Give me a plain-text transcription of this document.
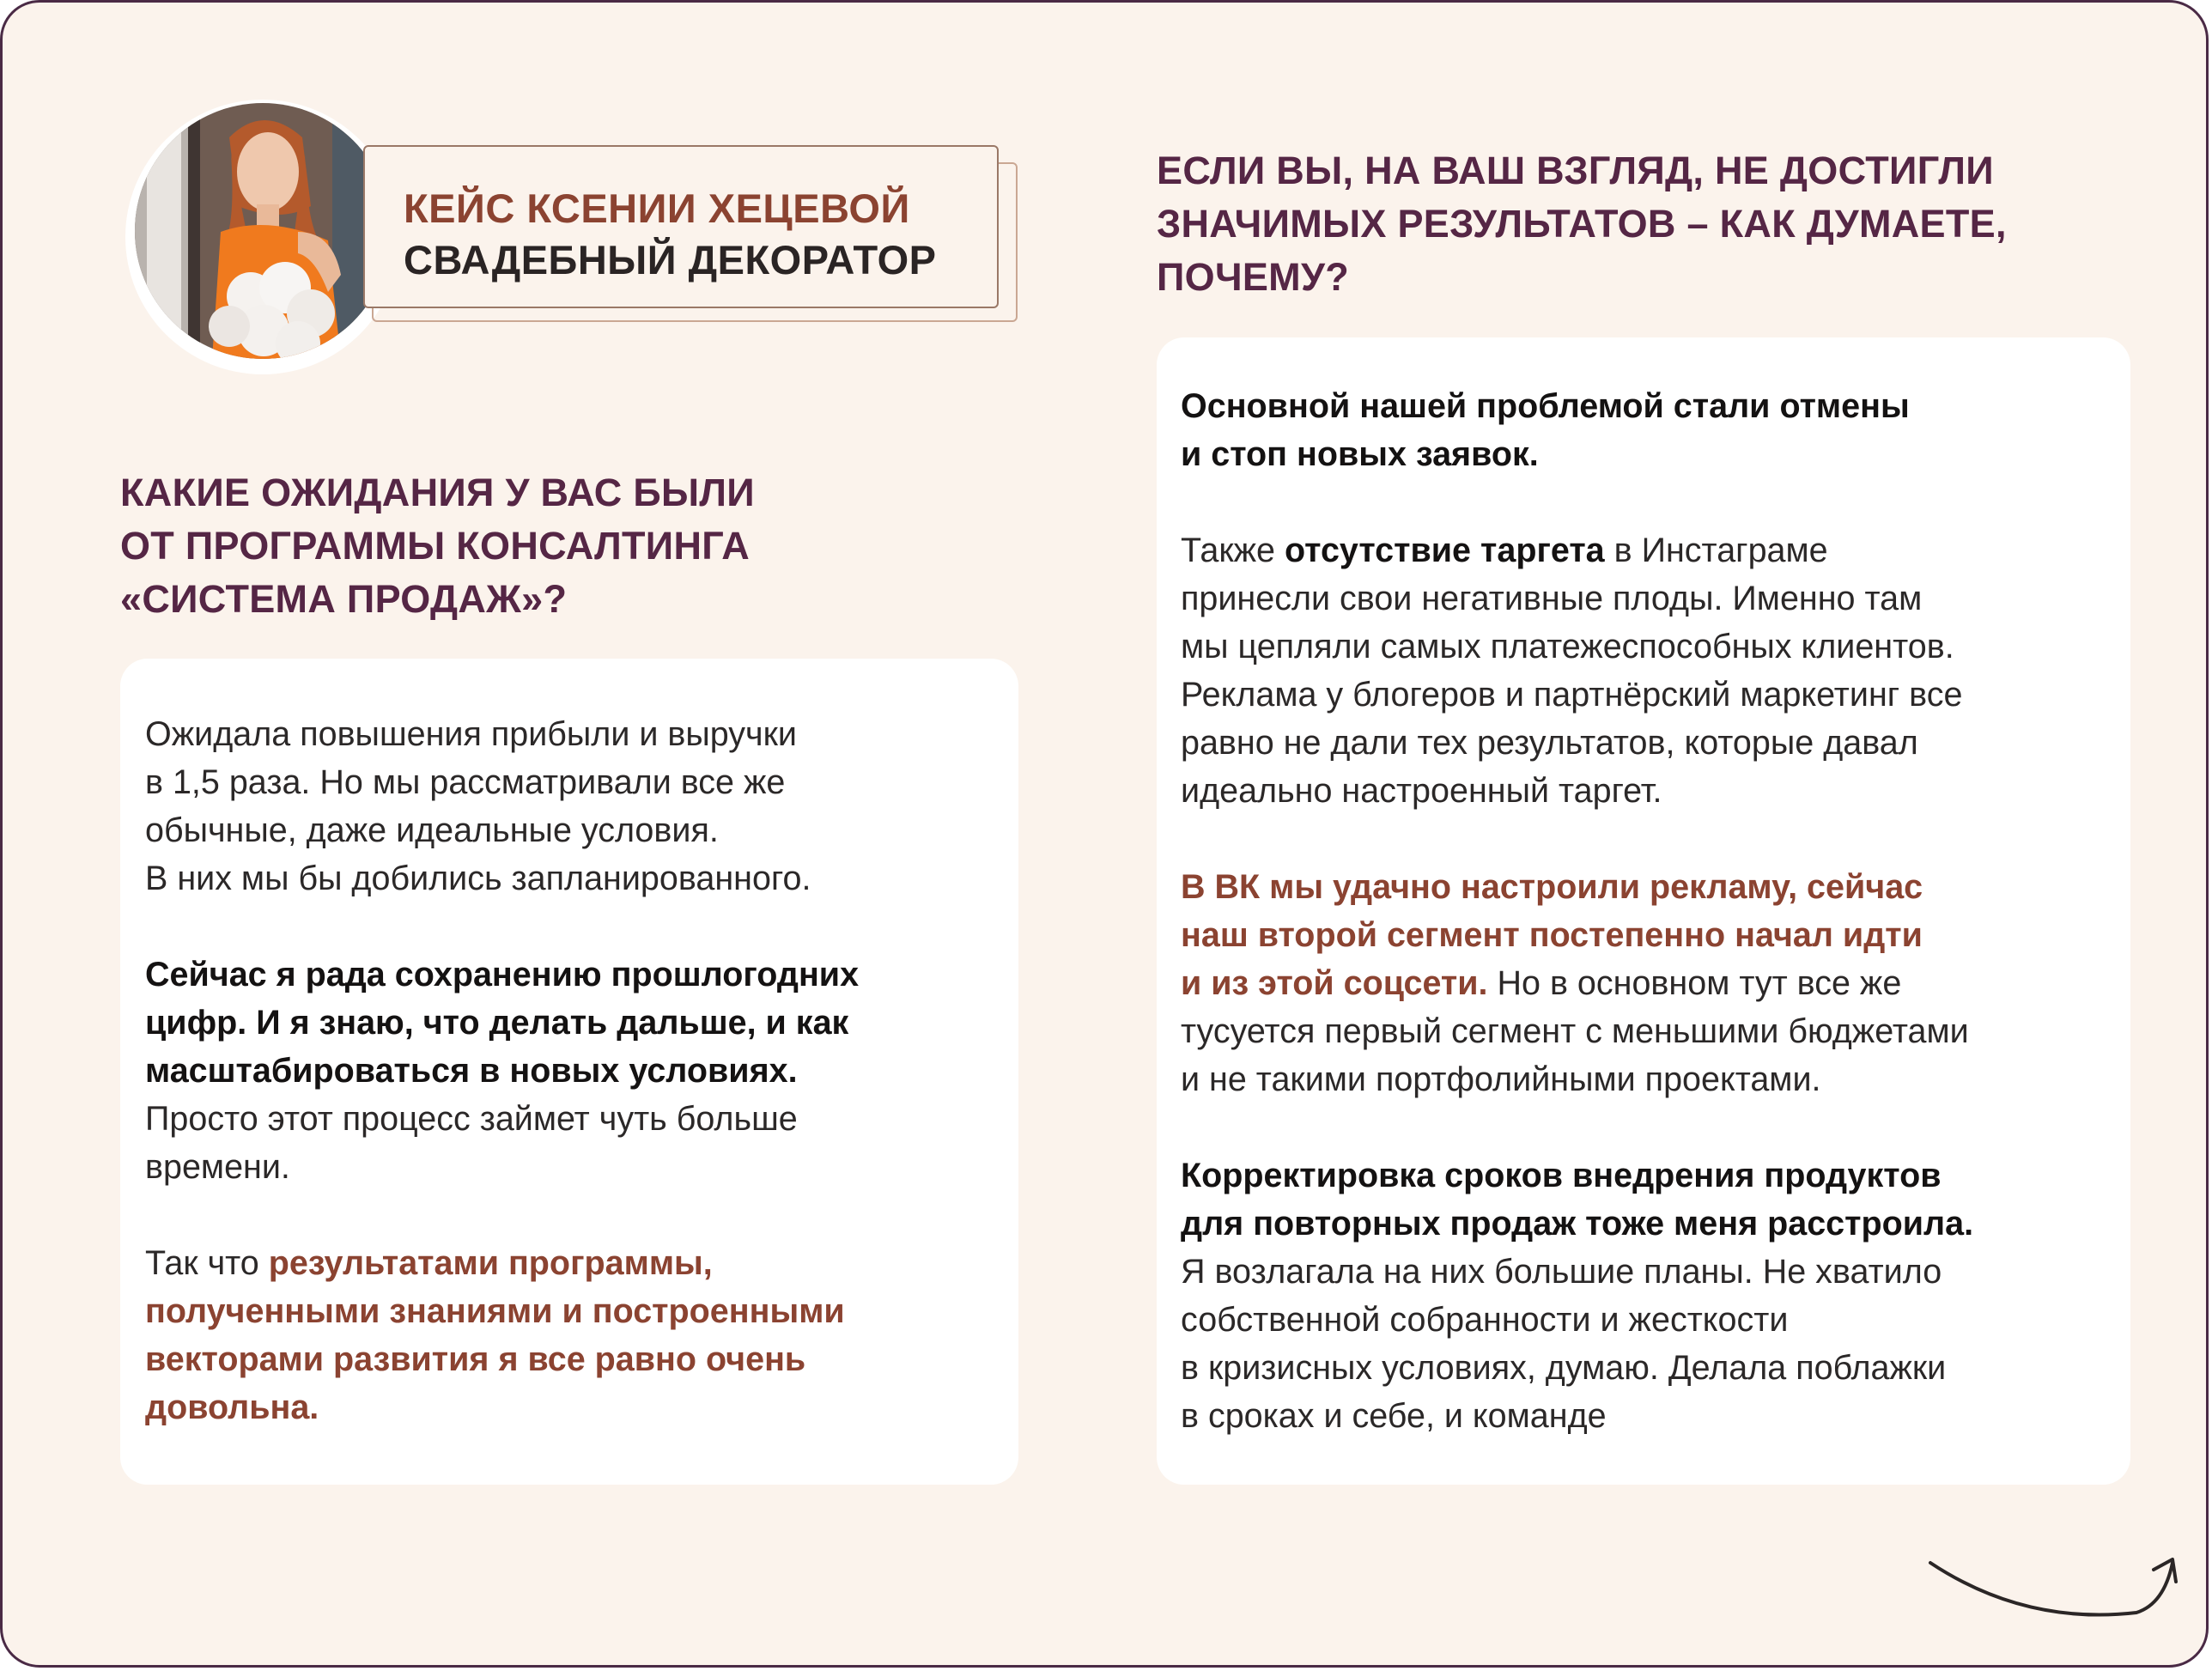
КЕЙС КСЕНИИ ХЕЦЕВОЙ
СВАДЕБНЫЙ ДЕКОРАТОР
КАКИЕ ОЖИДАНИЯ У ВАС БЫЛИ
ОТ ПРОГРАММЫ КОНСАЛТИНГА
«СИСТЕМА ПРОДАЖ»?

Ожидала повышения прибыли и выручки
в 1,5 раза. Но мы рассматривали все же
обычные, даже идеальные условия.
В них мы бы добились запланированного.

Сейчас я рада сохранению прошлогодних
цифр. И я знаю, что делать дальше, и как
масштабироваться в новых условиях.
Просто этот процесс займет чуть больше
времени.

Так что результатами программы,
полученными знаниями и построенными
векторами развития я все равно очень
довольна.

ЕСЛИ ВЫ, НА ВАШ ВЗГЛЯД, НЕ ДОСТИГЛИ
ЗНАЧИМЫХ РЕЗУЛЬТАТОВ – КАК ДУМАЕТЕ,
ПОЧЕМУ?

Основной нашей проблемой стали отмены
и стоп новых заявок.

Также отсутствие таргета в Инстаграме
принесли свои негативные плоды. Именно там
мы цепляли самых платежеспособных клиентов.
Реклама у блогеров и партнёрский маркетинг все
равно не дали тех результатов, которые давал
идеально настроенный таргет.

В ВК мы удачно настроили рекламу, сейчас
наш второй сегмент постепенно начал идти
и из этой соцсети. Но в основном тут все же
тусуется первый сегмент с меньшими бюджетами
и не такими портфолийными проектами.

Корректировка сроков внедрения продуктов
для повторных продаж тоже меня расстроила.
Я возлагала на них большие планы. Не хватило
собственной собранности и жесткости
в кризисных условиях, думаю. Делала поблажки
в сроках и себе, и команде
